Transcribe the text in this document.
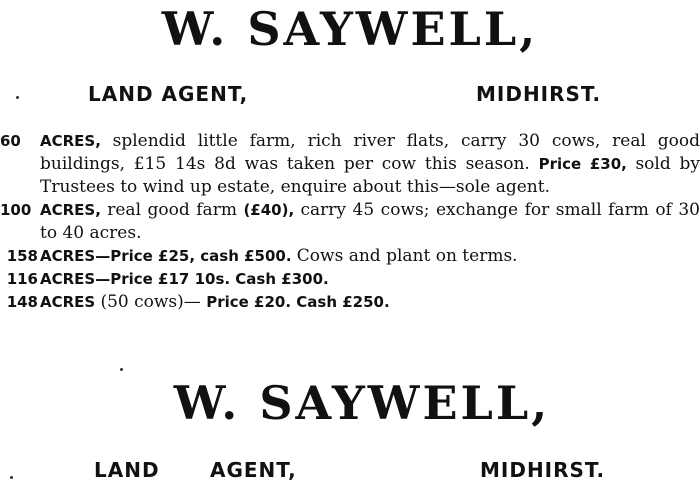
W. SAYWELL,
LAND AGENT,	MIDHIRST.

60	ACRES, splendid little farm, rich river flats, carry 30 cows, real good buildings, £15 14s 8d was taken per cow this season. Price £30, sold by Trustees to wind up estate, enquire about this—sole agent.

100 ACRES, real good farm (£40), carry 45 cows; exchange for small farm of 30 to 40 acres.

158 ACRES—Price £25, cash £500. Cows and plant on terms.

116 ACRES—Price £17 10s. Cash £300.

148 ACRES (50 cows)— Price £20. Cash £250.

W. SAYWELL,
LAND	AGENT,	MIDHIRST.
